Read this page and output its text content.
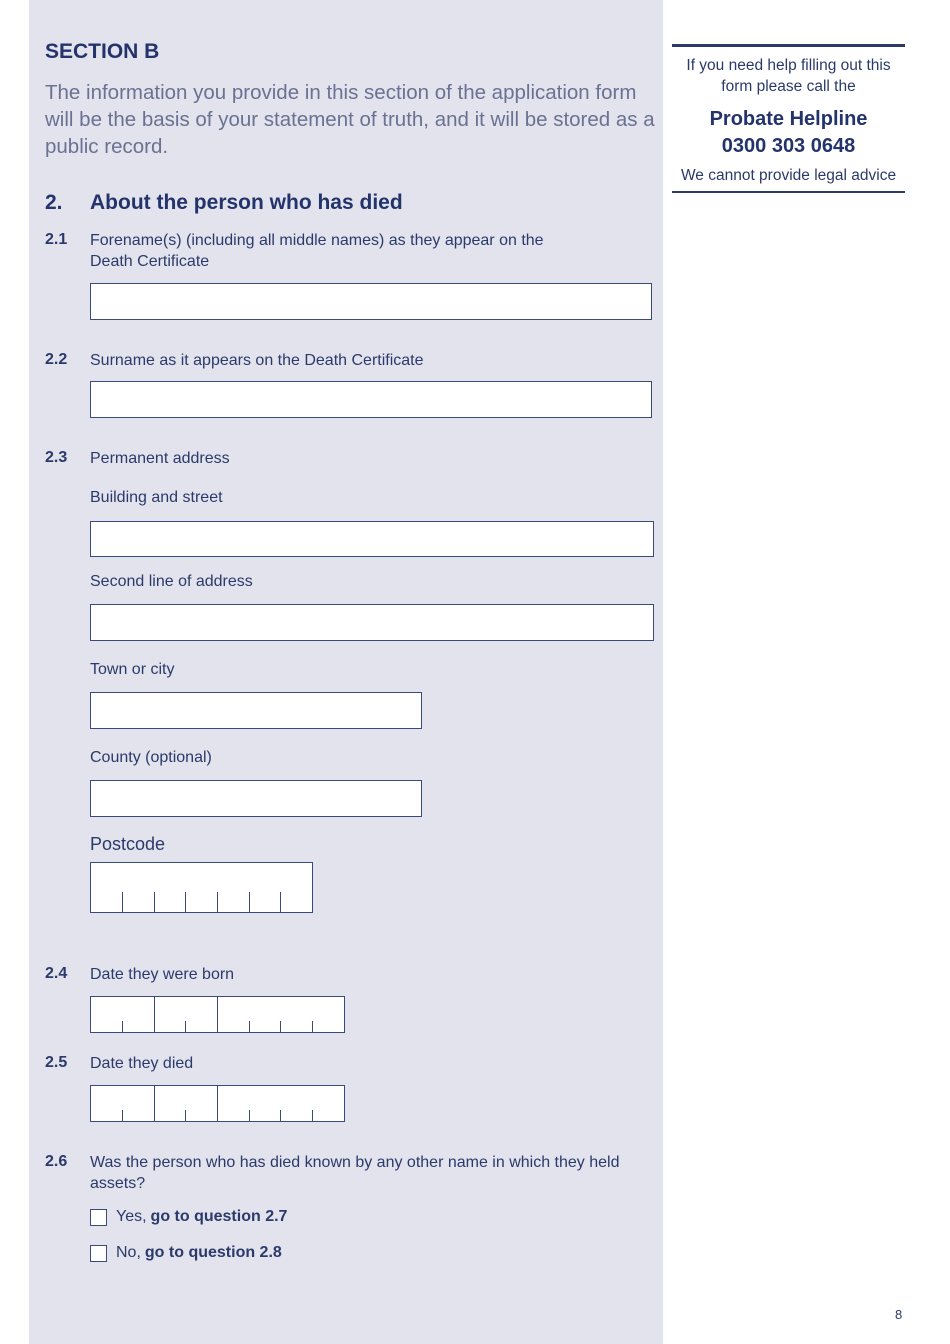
SECTION B
The information you provide in this section of the application form will be the basis of your statement of truth, and it will be stored as a public record.
2. About the person who has died
2.1 Forename(s) (including all middle names) as they appear on the Death Certificate
2.2 Surname as it appears on the Death Certificate
2.3 Permanent address
Building and street
Second line of address
Town or city
County (optional)
Postcode
2.4 Date they were born
2.5 Date they died
2.6 Was the person who has died known by any other name in which they held assets?
Yes, go to question 2.7
No, go to question 2.8
If you need help filling out this form please call the
Probate Helpline
0300 303 0648
We cannot provide legal advice
8
